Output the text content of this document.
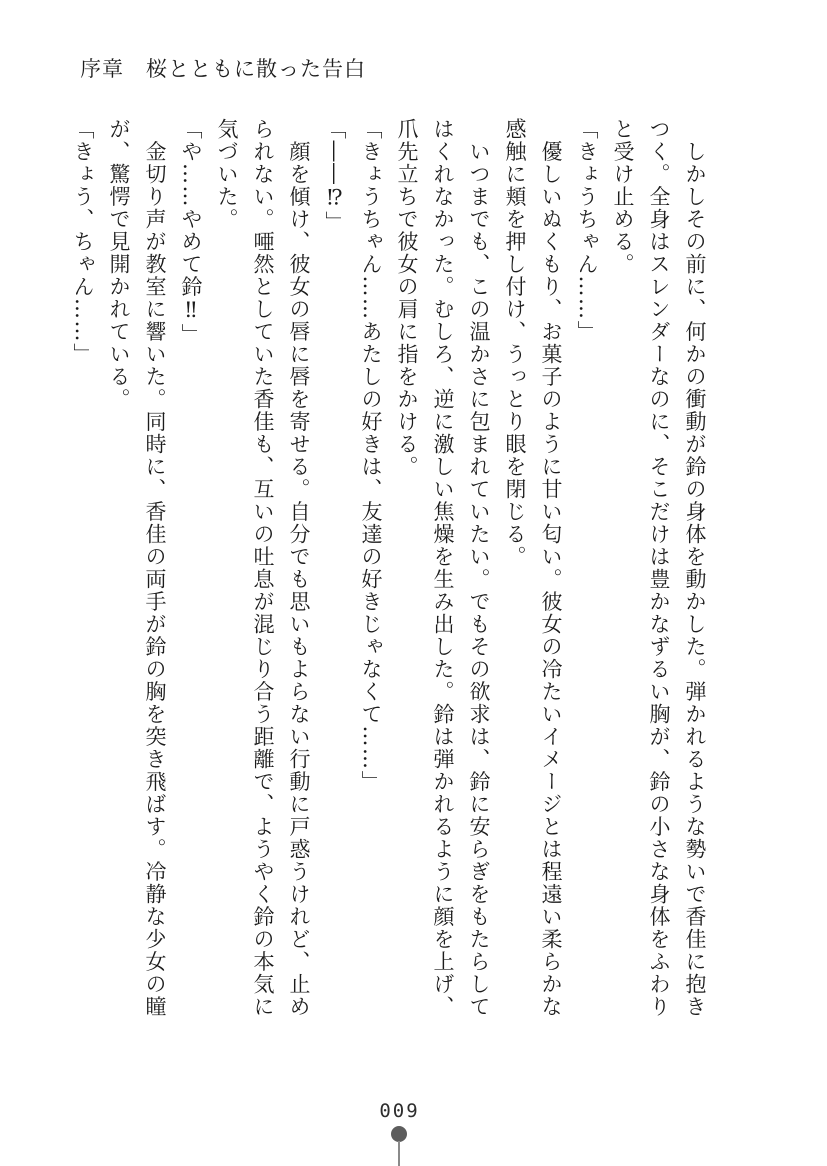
序章　桜とともに散った告白

　しかしその前に、何かの衝動が鈴の身体を動かした。弾かれるような勢いで香佳に抱き

つく。全身はスレンダーなのに、そこだけは豊かなずるい胸が、鈴の小さな身体をふわり

と受け止める。

「きょうちゃん……」

　優しいぬくもり、お菓子のように甘い匂い。彼女の冷たいイメージとは程遠い柔らかな

感触に頬を押し付け、うっとり眼を閉じる。

　いつまでも、この温かさに包まれていたい。でもその欲求は、鈴に安らぎをもたらして

はくれなかった。むしろ、逆に激しい焦燥を生み出した。鈴は弾かれるように顔を上げ、

爪先立ちで彼女の肩に指をかける。

「きょうちゃん……あたしの好きは、友達の好きじゃなくて……」

「――⁉」

　顔を傾け、彼女の唇に唇を寄せる。自分でも思いもよらない行動に戸惑うけれど、止め

られない。唖然としていた香佳も、互いの吐息が混じり合う距離で、ようやく鈴の本気に

気づいた。

「や……やめて鈴‼」

　金切り声が教室に響いた。同時に、香佳の両手が鈴の胸を突き飛ばす。冷静な少女の瞳

が、驚愕で見開かれている。

「きょう、ちゃん……」

009
